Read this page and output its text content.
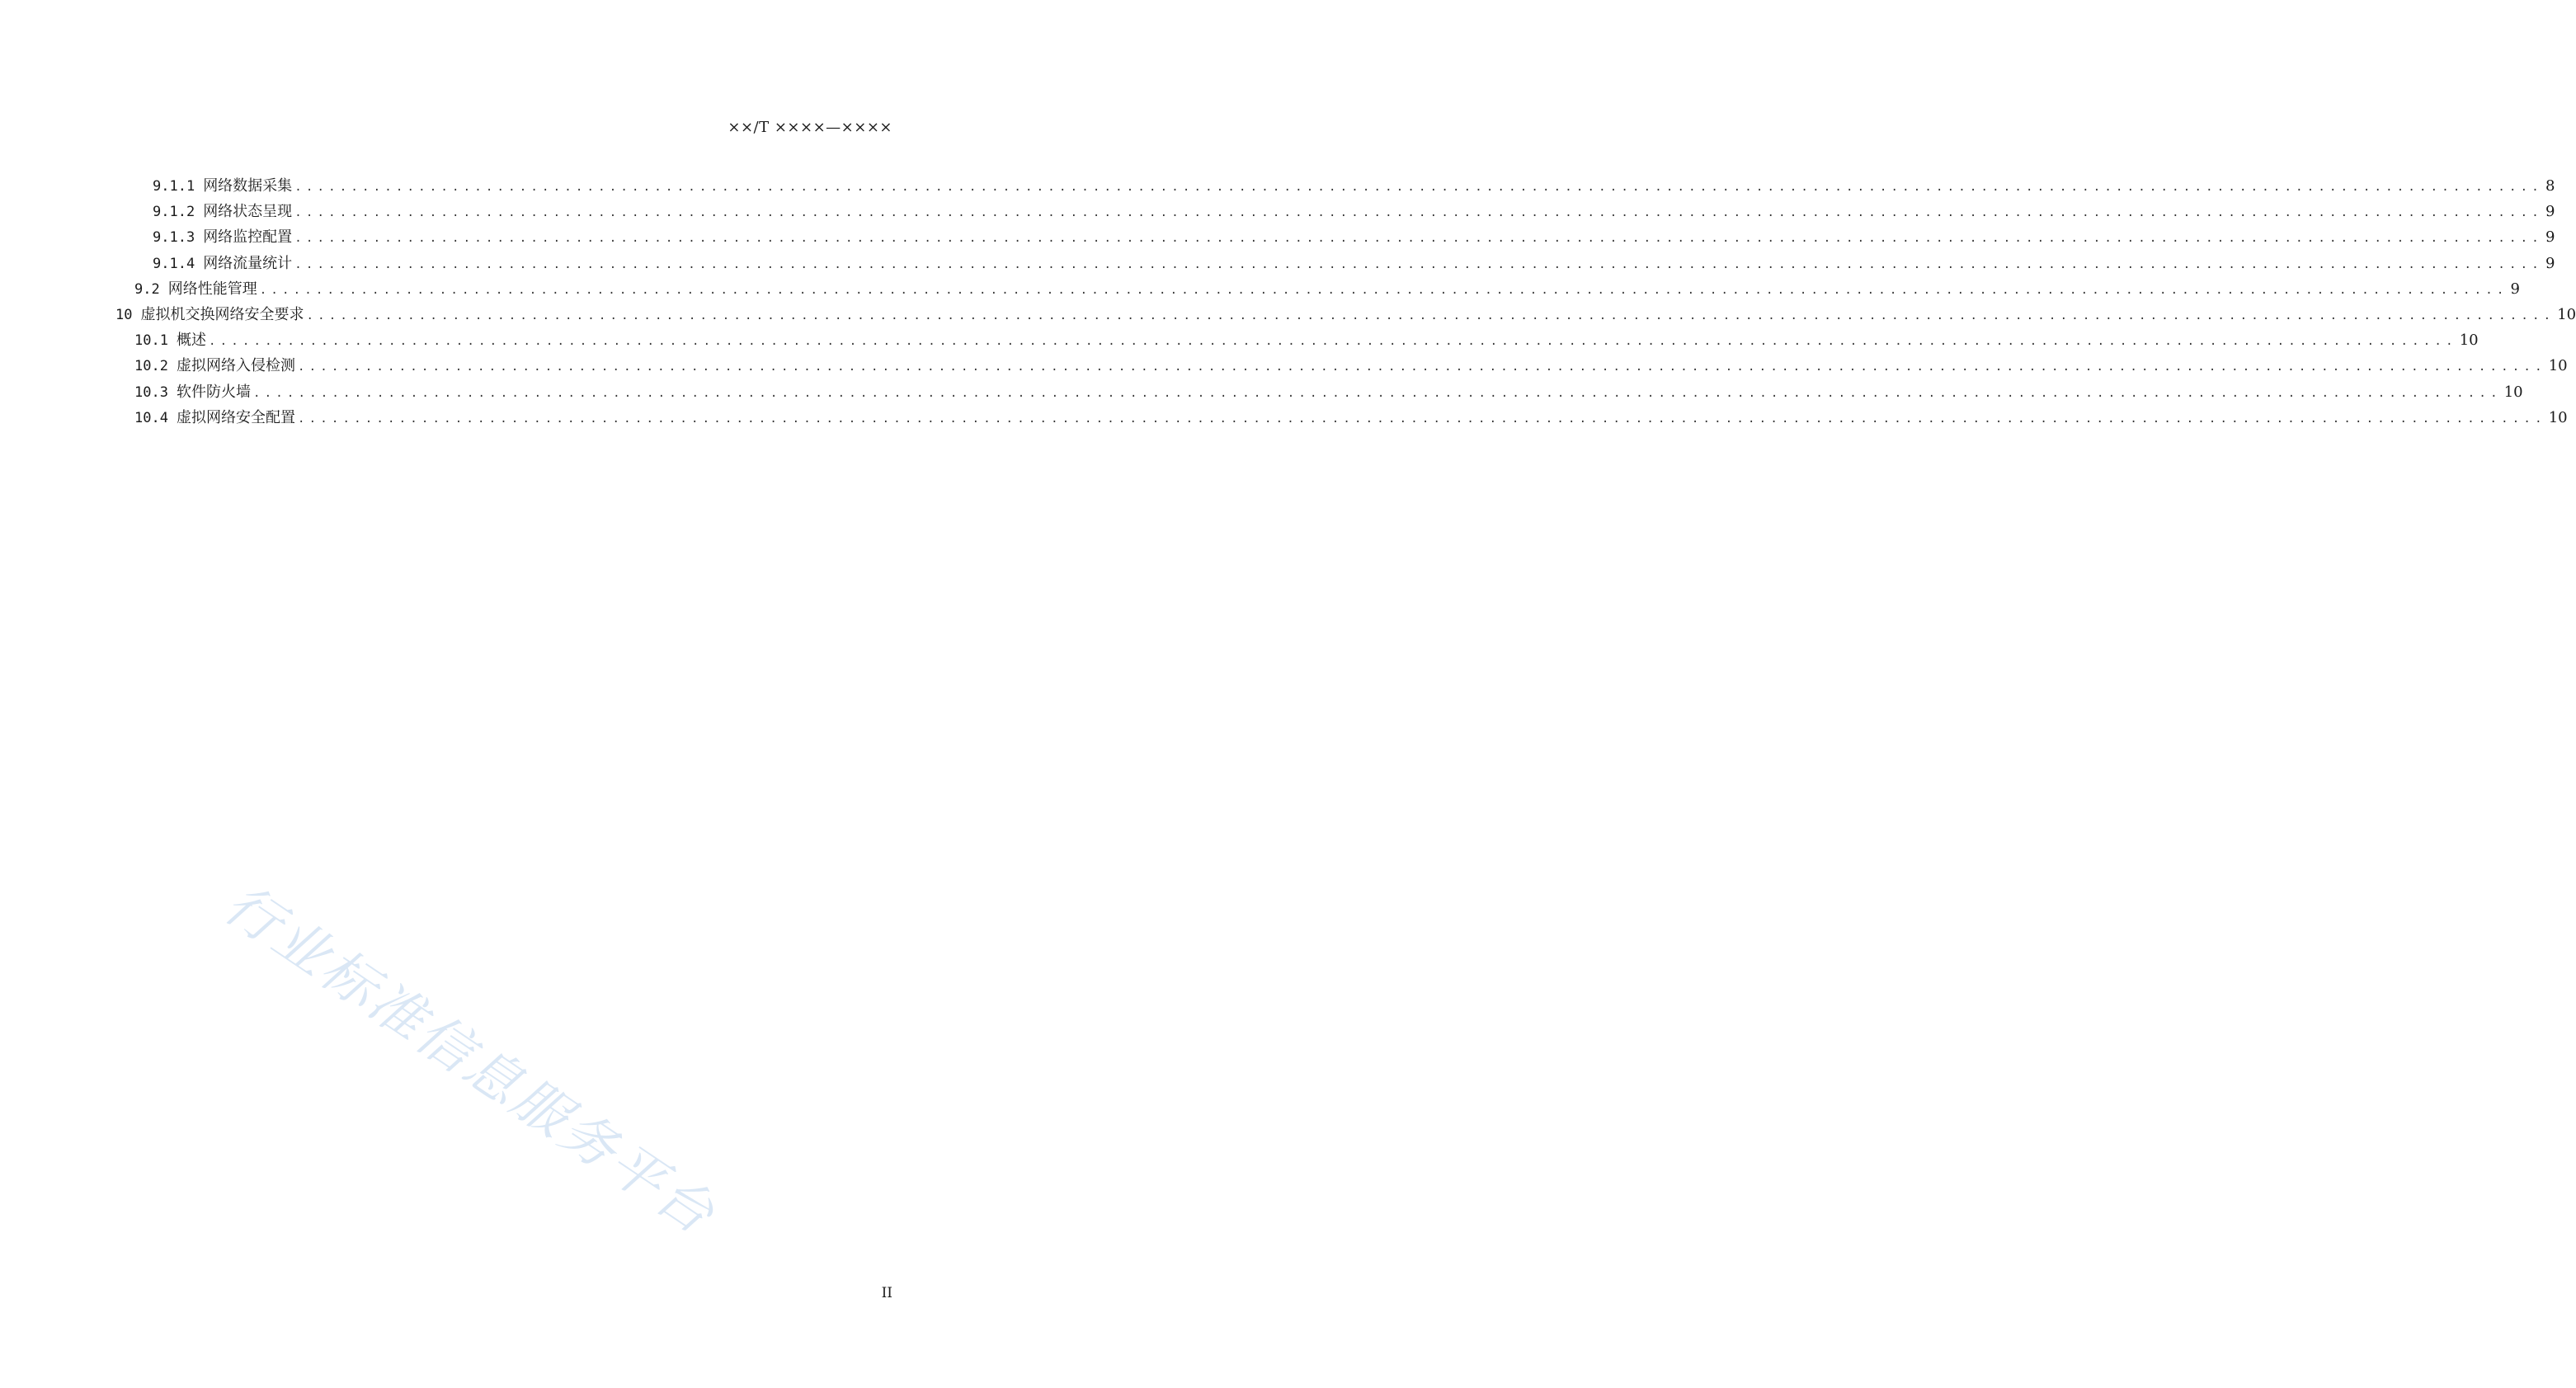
××/T ××××—××××
9.1.1 网络数据采集 ........................................................................................................................................................................................................ 8
9.1.2 网络状态呈现 ........................................................................................................................................................................................................ 9
9.1.3 网络监控配置 ........................................................................................................................................................................................................ 9
9.1.4 网络流量统计 ........................................................................................................................................................................................................ 9
9.2 网络性能管理 ........................................................................................................................................................................................................ 9
10 虚拟机交换网络安全要求 ........................................................................................................................................................................................................ 10
10.1 概述 ........................................................................................................................................................................................................ 10
10.2 虚拟网络入侵检测 ........................................................................................................................................................................................................ 10
10.3 软件防火墙 ........................................................................................................................................................................................................ 10
10.4 虚拟网络安全配置 ........................................................................................................................................................................................................ 10
行业标准信息服务平台
II
